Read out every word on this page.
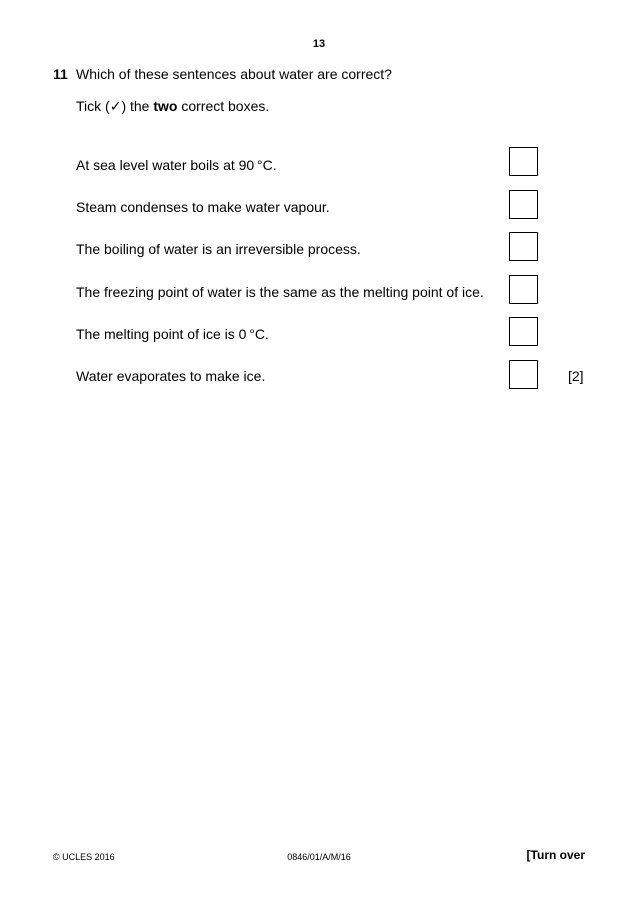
13
11 Which of these sentences about water are correct?
Tick (✓) the two correct boxes.
At sea level water boils at 90 °C.
Steam condenses to make water vapour.
The boiling of water is an irreversible process.
The freezing point of water is the same as the melting point of ice.
The melting point of ice is 0 °C.
Water evaporates to make ice.	[2]
© UCLES 2016	0846/01/A/M/16	[Turn over
